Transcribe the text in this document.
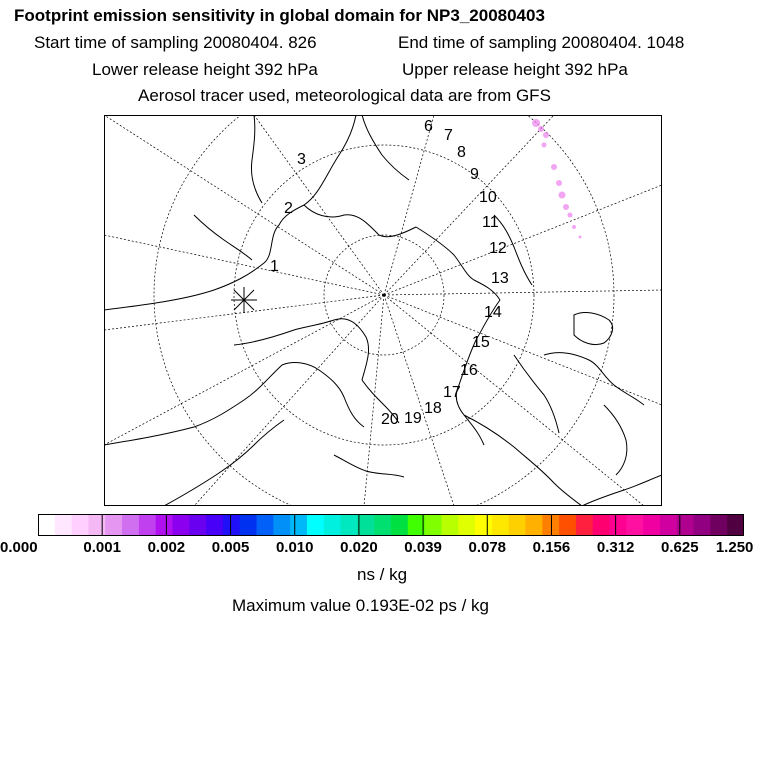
Footprint emission sensitivity in global domain for NP3_20080403
Start time of sampling 20080404. 826	End time of sampling 20080404. 1048
Lower release height 392 hPa	Upper release height 392 hPa
Aerosol tracer used, meteorological data are from GFS
1
2
3
6
7
8
9
10
11
12
13
14
15
16
17
18
19
20
0.000	0.001 0.002 0.005 0.010 0.020 0.039 0.078 0.156 0.312 0.625 1.250
ns / kg
Maximum value 0.193E-02 ps / kg
